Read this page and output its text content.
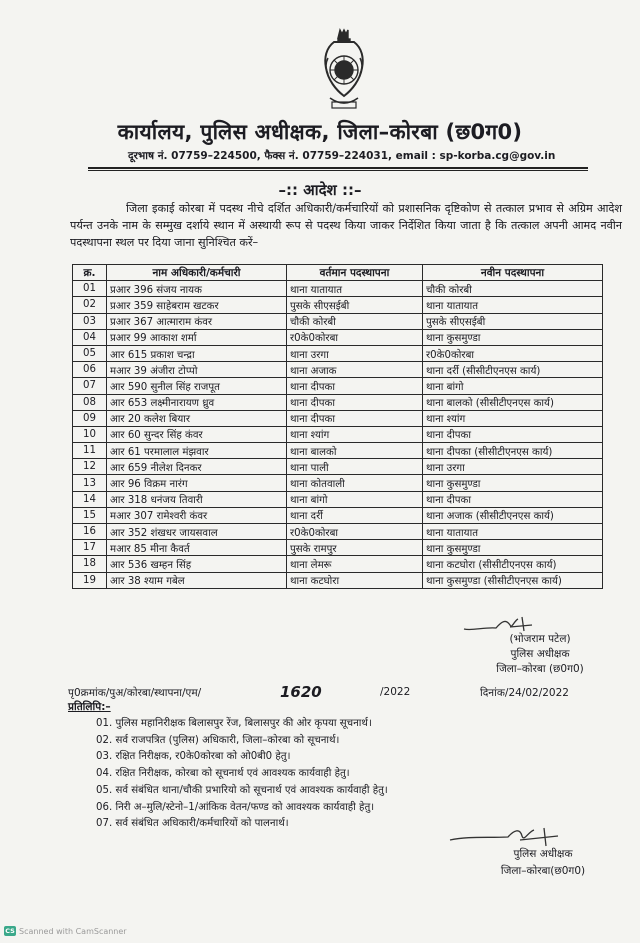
कार्यालय, पुलिस अधीक्षक, जिला–कोरबा (छ0ग0)
दूरभाष नं. 07759–224500, फैक्स नं. 07759–224031, email : sp-korba.cg@gov.in
–:: आदेश ::–
जिला इकाई कोरबा में पदस्थ नीचे दर्शित अधिकारी/कर्मचारियों को प्रशासनिक दृष्टिकोण से तत्काल प्रभाव से अग्रिम आदेश पर्यन्त उनके नाम के सम्मुख दर्शाये स्थान में अस्थायी रूप से पदस्थ किया जाकर निर्देशित किया जाता है कि तत्काल अपनी आमद नवीन पदस्थापना स्थल पर दिया जाना सुनिश्चित करें–
क्र.	नाम अधिकारी/कर्मचारी	वर्तमान पदस्थापना	नवीन पदस्थापना
01	प्रआर 396 संजय नायक	थाना यातायात	चौकी कोरबी
02	प्रआर 359 साहेबराम खटकर	पुसके सीएसईबी	थाना यातायात
03	प्रआर 367 आत्माराम कंवर	चौकी कोरबी	पुसके सीएसईबी
04	प्रआर 99 आकाश शर्मा	र0के0कोरबा	थाना कुसमुण्डा
05	आर 615 प्रकाश चन्द्रा	थाना उरगा	र0के0कोरबा
06	मआर 39 अंजीरा टोप्पो	थाना अजाक	थाना दर्री (सीसीटीएनएस कार्य)
07	आर 590 सुनील सिंह राजपूत	थाना दीपका	थाना बांगो
08	आर 653 लक्ष्मीनारायण ध्रुव	थाना दीपका	थाना बालको (सीसीटीएनएस कार्य)
09	आर 20 कलेश बियार	थाना दीपका	थाना श्यांग
10	आर 60 सुन्दर सिंह कंवर	थाना श्यांग	थाना दीपका
11	आर 61 परमालाल मंझवार	थाना बालको	थाना दीपका (सीसीटीएनएस कार्य)
12	आर 659 नीलेश दिनकर	थाना पाली	थाना उरगा
13	आर 96 विक्रम नारंग	थाना कोतवाली	थाना कुसमुण्डा
14	आर 318 धनंजय तिवारी	थाना बांगो	थाना दीपका
15	मआर 307 रामेश्वरी कंवर	थाना दर्री	थाना अजाक (सीसीटीएनएस कार्य)
16	आर 352 शंखधर जायसवाल	र0के0कोरबा	थाना यातायात
17	मआर 85 मीना कैवर्त	पुसके रामपुर	थाना कुसमुण्डा
18	आर 536 खम्हन सिंह	थाना लेमरू	थाना कटघोरा (सीसीटीएनएस कार्य)
19	आर 38 श्याम गबेल	थाना कटघोरा	थाना कुसमुण्डा (सीसीटीएनएस कार्य)
(भोजराम पटेल)
पुलिस अधीक्षक
जिला–कोरबा (छ0ग0)
पृ0क्रमांक/पुअ/कोरबा/स्थापना/एम/	1620	/2022	दिनांक/24/02/2022
प्रतिलिपि:–
01. पुलिस महानिरीक्षक बिलासपुर रेंज, बिलासपुर की ओर कृपया सूचनार्थ।
02. सर्व राजपत्रित (पुलिस) अधिकारी, जिला–कोरबा को सूचनार्थ।
03. रक्षित निरीक्षक, र0के0कोरबा को ओ0बी0 हेतु।
04. रक्षित निरीक्षक, कोरबा को सूचनार्थ एवं आवश्यक कार्यवाही हेतु।
05. सर्व संबंधित थाना/चौकी प्रभारियो को सूचनार्थ एवं आवश्यक कार्यवाही हेतु।
06. निरी अ–मुलि/स्टेनो–1/आंकिक वेतन/फण्ड को आवश्यक कार्यवाही हेतु।
07. सर्व संबंधित अधिकारी/कर्मचारियों को पालनार्थ।
पुलिस अधीक्षक
जिला–कोरबा(छ0ग0)
CS Scanned with CamScanner
